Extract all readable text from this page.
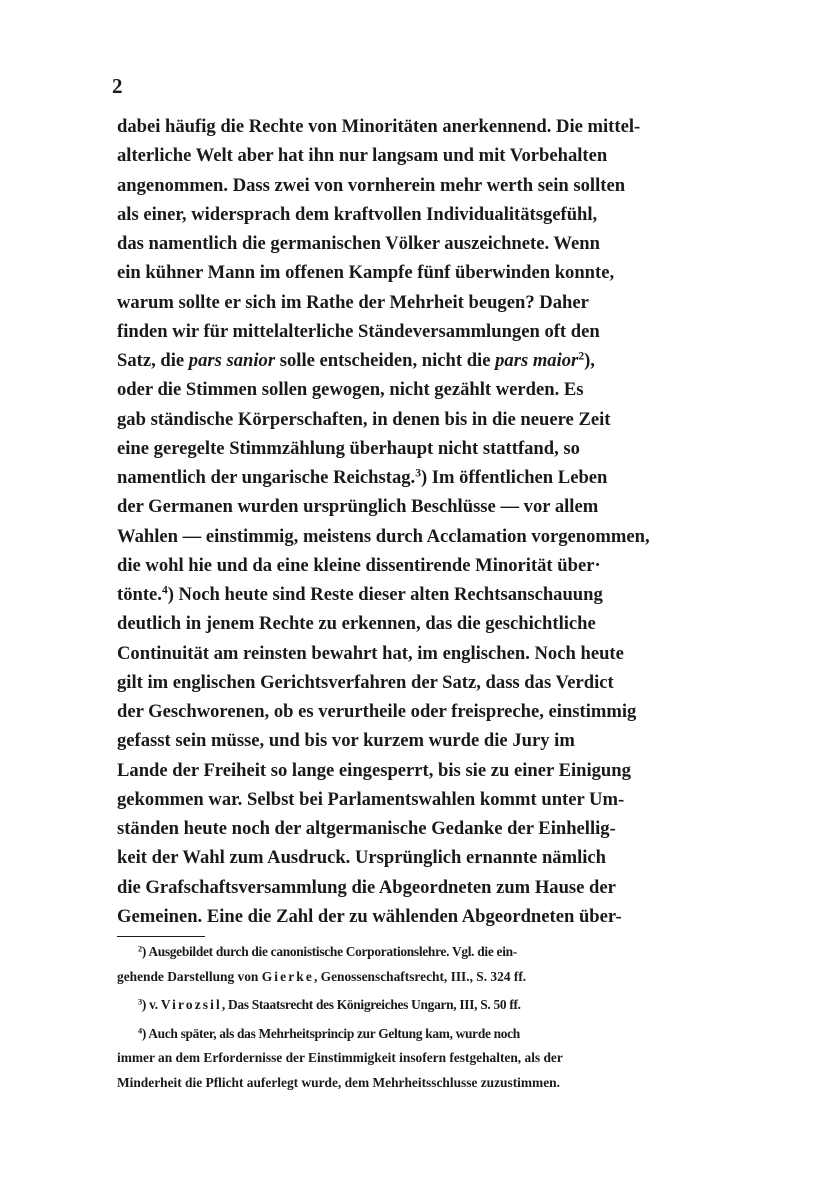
2
dabei häufig die Rechte von Minoritäten anerkennend. Die mittel-
alterliche Welt aber hat ihn nur langsam und mit Vorbehalten
angenommen. Dass zwei von vornherein mehr werth sein sollten
als einer, widersprach dem kraftvollen Individualitätsgefühl,
das namentlich die germanischen Völker auszeichnete. Wenn
ein kühner Mann im offenen Kampfe fünf überwinden konnte,
warum sollte er sich im Rathe der Mehrheit beugen? Daher
finden wir für mittelalterliche Ständeversammlungen oft den
Satz, die pars sanior solle entscheiden, nicht die pars maior$^2$),
oder die Stimmen sollen gewogen, nicht gezählt werden. Es
gab ständische Körperschaften, in denen bis in die neuere Zeit
eine geregelte Stimmzählung überhaupt nicht stattfand, so
namentlich der ungarische Reichstag.$^3$) Im öffentlichen Leben
der Germanen wurden ursprünglich Beschlüsse — vor allem
Wahlen — einstimmig, meistens durch Acclamation vorgenommen,
die wohl hie und da eine kleine dissentirende Minorität über·
tönte.$^4$) Noch heute sind Reste dieser alten Rechtsanschauung
deutlich in jenem Rechte zu erkennen, das die geschichtliche
Continuität am reinsten bewahrt hat, im englischen. Noch heute
gilt im englischen Gerichtsverfahren der Satz, dass das Verdict
der Geschworenen, ob es verurtheile oder freispreche, einstimmig
gefasst sein müsse, und bis vor kurzem wurde die Jury im
Lande der Freiheit so lange eingesperrt, bis sie zu einer Einigung
gekommen war. Selbst bei Parlamentswahlen kommt unter Um-
ständen heute noch der altgermanische Gedanke der Einhellig-
keit der Wahl zum Ausdruck. Ursprünglich ernannte nämlich
die Grafschaftsversammlung die Abgeordneten zum Hause der
Gemeinen. Eine die Zahl der zu wählenden Abgeordneten über-
$^2$) Ausgebildet durch die canonistische Corporationslehre. Vgl. die ein-
gehende Darstellung von Gierke, Genossenschaftsrecht, III., S. 324 ff.
$^3$) v. Virozsil, Das Staatsrecht des Königreiches Ungarn, III, S. 50 ff.
$^4$) Auch später, als das Mehrheitsprincip zur Geltung kam, wurde noch
immer an dem Erfordernisse der Einstimmigkeit insofern festgehalten, als der
Minderheit die Pflicht auferlegt wurde, dem Mehrheitsschlusse zuzustimmen.
